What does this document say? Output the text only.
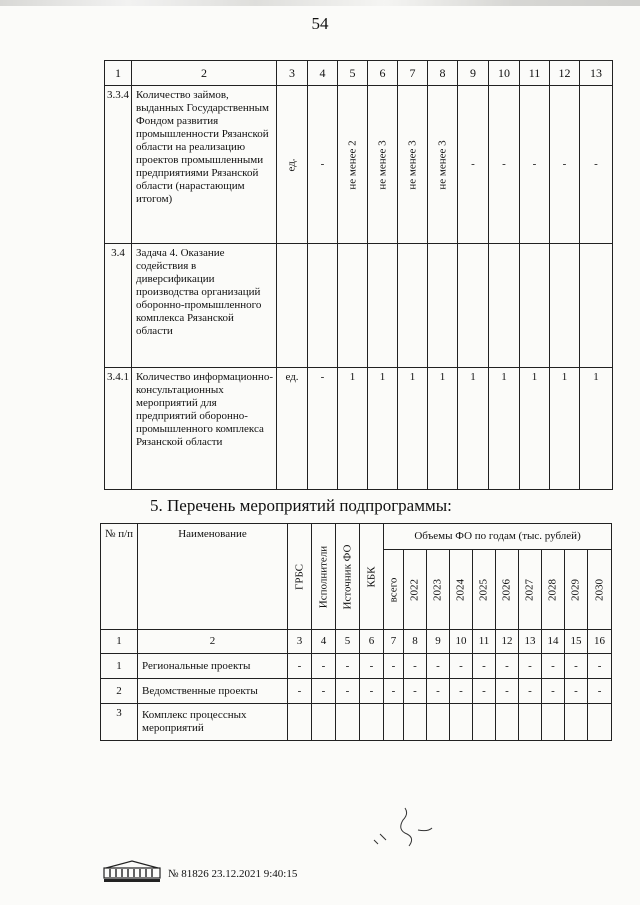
54
1	2	3	4	5	6	7	8	9	10	11	12	13
3.3.4	Количество займов, выданных Государственным Фондом развития промышленности Рязанской области на реализацию проектов промышленными предприятиями Рязанской области (нарастающим итогом)	ед.	-	не менее 2	не менее 3	не менее 3	не менее 3	-	-	-	-	-
3.4	Задача 4. Оказание содействия в диверсификации производства организаций оборонно-промышленного комплекса Рязанской области											
3.4.1	Количество информационно-консультационных мероприятий для предприятий оборонно-промышленного комплекса Рязанской области	ед.	-	1	1	1	1	1	1	1	1	1
5. Перечень мероприятий подпрограммы:
№ п/п	Наименование	ГРБС	Исполнители	Источник ФО	КБК	Объемы ФО по годам (тыс. рублей)									

						всего	2022	2023	2024	2025	2026	2027	2028	2029	2030

1	2	3	4	5	6	7	8	9	10	11	12	13	14	15	16
1	Региональные проекты	-	-	-	-	-	-	-	-	-	-	-	-	-	-
2	Ведомственные проекты	-	-	-	-	-	-	-	-	-	-	-	-	-	-
3	Комплекс процессных мероприятий														
№ 81826 23.12.2021 9:40:15
